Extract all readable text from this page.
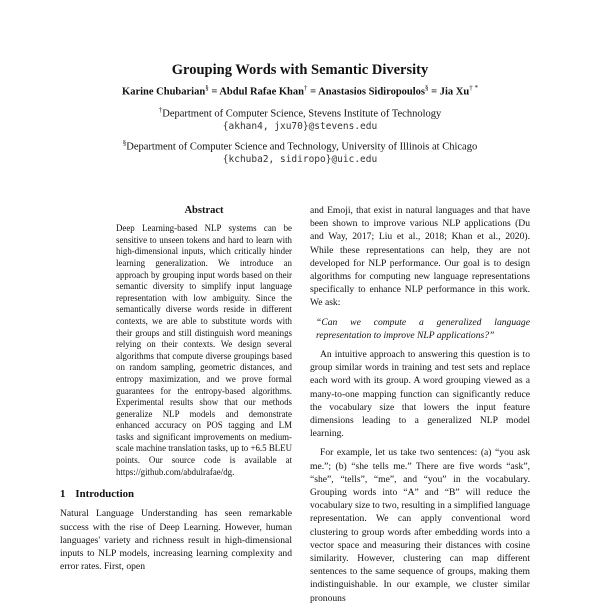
Grouping Words with Semantic Diversity
Karine Chubarian§ = Abdul Rafae Khan† = Anastasios Sidiropoulos§ = Jia Xu† *
†Department of Computer Science, Stevens Institute of Technology
{akhan4, jxu70}@stevens.edu
§Department of Computer Science and Technology, University of Illinois at Chicago
{kchuba2, sidiropo}@uic.edu
Abstract
Deep Learning-based NLP systems can be sensitive to unseen tokens and hard to learn with high-dimensional inputs, which critically hinder learning generalization. We introduce an approach by grouping input words based on their semantic diversity to simplify input language representation with low ambiguity. Since the semantically diverse words reside in different contexts, we are able to substitute words with their groups and still distinguish word meanings relying on their contexts. We design several algorithms that compute diverse groupings based on random sampling, geometric distances, and entropy maximization, and we prove formal guarantees for the entropy-based algorithms. Experimental results show that our methods generalize NLP models and demonstrate enhanced accuracy on POS tagging and LM tasks and significant improvements on medium-scale machine translation tasks, up to +6.5 BLEU points. Our source code is available at https://github.com/abdulrafae/dg.
1 Introduction
Natural Language Understanding has seen remarkable success with the rise of Deep Learning. However, human languages' variety and richness result in high-dimensional inputs to NLP models, increasing learning complexity and error rates. First, open

and Emoji, that exist in natural languages and that have been shown to improve various NLP applications (Du and Way, 2017; Liu et al., 2018; Khan et al., 2020). While these representations can help, they are not developed for NLP performance. Our goal is to design algorithms for computing new language representations specifically to enhance NLP performance in this work. We ask:

“Can we compute a generalized language representation to improve NLP applications?”

An intuitive approach to answering this question is to group similar words in training and test sets and replace each word with its group. A word grouping viewed as a many-to-one mapping function can significantly reduce the vocabulary size that lowers the input feature dimensions leading to a generalized NLP model learning.

For example, let us take two sentences: (a) “you ask me.”; (b) “she tells me.” There are five words “ask”, “she”, “tells”, “me”, and “you” in the vocabulary. Grouping words into “A” and “B” will reduce the vocabulary size to two, resulting in a simplified language representation. We can apply conventional word clustering to group words after embedding words into a vector space and measuring their distances with cosine similarity. However, clustering can map different sentences to the same sequence of groups, making them indistinguishable. In our example, we cluster similar pronouns
